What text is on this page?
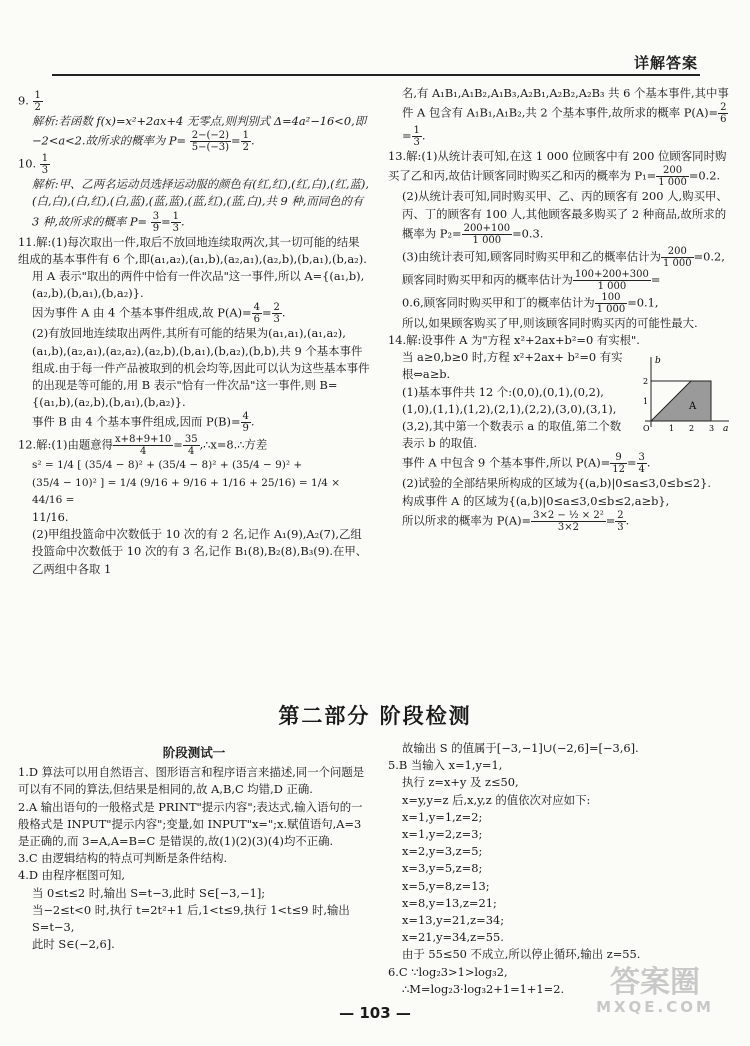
详解答案

9. $\frac{1}{2}$

解析:若函数 f(x)=x²+2ax+4 无零点,则判别式 Δ=4a²−16<0,即−2<a<2.故所求的概率为 $P= \frac{2-(-2)}{5-(-3)} = \frac{1}{2}$ .

10. $\frac{1}{3}$

解析:甲、乙两名运动员选择运动服的颜色有(红,红),(红,白),(红,蓝),(白,白),(白,红),(白,蓝),(蓝,蓝),(蓝,红),(蓝,白),共 9 种,而同色的有 3 种,故所求的概率 $P= \frac{3}{9} = \frac{1}{3}$ .

11.解:(1)每次取出一件,取后不放回地连续取两次,其一切可能的结果组成的基本事件有 6 个,即(a₁,a₂),(a₁,b),(a₂,a₁),(a₂,b),(b,a₁),(b,a₂).

用 A 表示"取出的两件中恰有一件次品"这一事件,所以 A={(a₁,b),(a₂,b),(b,a₁),(b,a₂)}.

因为事件 A 由 4 个基本事件组成,故 $P(A)= \frac{4}{6} = \frac{2}{3}$ .

(2)有放回地连续取出两件,其所有可能的结果为(a₁,a₁),(a₁,a₂),(a₁,b),(a₂,a₁),(a₂,a₂),(a₂,b),(b,a₁),(b,a₂),(b,b),共 9 个基本事件组成.由于每一件产品被取到的机会均等,因此可以认为这些基本事件的出现是等可能的,用 B 表示"恰有一件次品"这一事件,则 B={(a₁,b),(a₂,b),(b,a₁),(b,a₂)}.

事件 B 由 4 个基本事件组成,因而 $P(B)= \frac{4}{9}$ .

12.解:(1)由题意得 $\frac{x+8+9+10}{4} = \frac{35}{4}$ ,∴x=8.∴方差

s² = 1/4 [ (35/4 − 8)² + (35/4 − 8)² + (35/4 − 9)² +

(35/4 − 10)² ] = 1/4 (9/16 + 9/16 + 1/16 + 25/16) = 1/4 × 44/16 =

11/16.

(2)甲组投篮命中次数低于 10 次的有 2 名,记作 A₁(9),A₂(7),乙组投篮命中次数低于 10 次的有 3 名,记作 B₁(8),B₂(8),B₃(9).在甲、乙两组中各取 1

名,有 A₁B₁,A₁B₂,A₁B₃,A₂B₁,A₂B₂,A₂B₃ 共 6 个基本事件,其中事件 A 包含有 A₁B₁,A₁B₂,共 2 个基本事件,故所求的概率 $P(A)= \frac{2}{6}$
= $\frac{1}{3}$ .

13.解:(1)从统计表可知,在这 1 000 位顾客中有 200 位顾客同时购买了乙和丙,故估计顾客同时购买乙和丙的概率为 $P_1= \frac{200}{1 000} =0.2$.

(2)从统计表可知,同时购买甲、乙、丙的顾客有 200 人,购买甲、丙、丁的顾客有 100 人,其他顾客最多购买了 2 种商品,故所求的概率为 $P_2= \frac{200+100}{1 000} =0.3$.

(3)由统计表可知,顾客同时购买甲和乙的概率估计为 $\frac{200}{1 000} =0.2$,

顾客同时购买甲和丙的概率估计为 $\frac{100+200+300}{1 000}$ =

0.6,顾客同时购买甲和丁的概率估计为 $\frac{100}{1 000} =0.1$,

所以,如果顾客购买了甲,则该顾客同时购买丙的可能性最大.

14.解:设事件 A 为"方程 x²+2ax+b²=0 有实根".

b
a
A
O 1 2 3
1
2

当 a≥0,b≥0 时,方程 x²+2ax+ b²=0 有实根⇔a≥b.

(1)基本事件共 12 个:(0,0),(0,1),(0,2),(1,0),(1,1),(1,2),(2,1),(2,2),(3,0),(3,1),(3,2),其中第一个数表示 a 的取值,第二个数表示 b 的取值.

事件 A 中包含 9 个基本事件,所以 $P(A)= \frac{9}{12} = \frac{3}{4}$ .

(2)试验的全部结果所构成的区域为{(a,b)|0≤a≤3,0≤b≤2}.

构成事件 A 的区域为{(a,b)|0≤a≤3,0≤b≤2,a≥b},

所以所求的概率为 $P(A)= \frac{\text{3×2 − ½ × 2²}}{3\times 2} = \frac{2}{3}$ .

第二部分 阶段检测
阶段测试一

1.D 算法可以用自然语言、图形语言和程序语言来描述,同一个问题是可以有不同的算法,但结果是相同的,故 A,B,C 均错,D 正确.

2.A 输出语句的一般格式是 PRINT"提示内容";表达式,输入语句的一般格式是 INPUT"提示内容";变量,如 INPUT"x=";x.赋值语句,A=3 是正确的,而 3=A,A=B=C 是错误的,故(1)(2)(3)(4)均不正确.

3.C 由逻辑结构的特点可判断是条件结构.

4.D 由程序框图可知,

当 0≤t≤2 时,输出 S=t−3,此时 S∈[−3,−1];

当−2≤t<0 时,执行 t=2t²+1 后,1<t≤9,执行 1<t≤9 时,输出 S=t−3,

此时 S∈(−2,6].

故输出 S 的值属于[−3,−1]∪(−2,6]=[−3,6].

5.B 当输入 x=1,y=1,

执行 z=x+y 及 z≤50,

x=y,y=z 后,x,y,z 的值依次对应如下:

x=1,y=1,z=2;

x=1,y=2,z=3;

x=2,y=3,z=5;

x=3,y=5,z=8;

x=5,y=8,z=13;

x=8,y=13,z=21;

x=13,y=21,z=34;

x=21,y=34,z=55.

由于 55≤50 不成立,所以停止循环,输出 z=55.

6.C ∵log₂3>1>log₃2,

∴M=log₂3·log₃2+1=1+1=2.

— 103 —
答案圈
MXQE.COM
